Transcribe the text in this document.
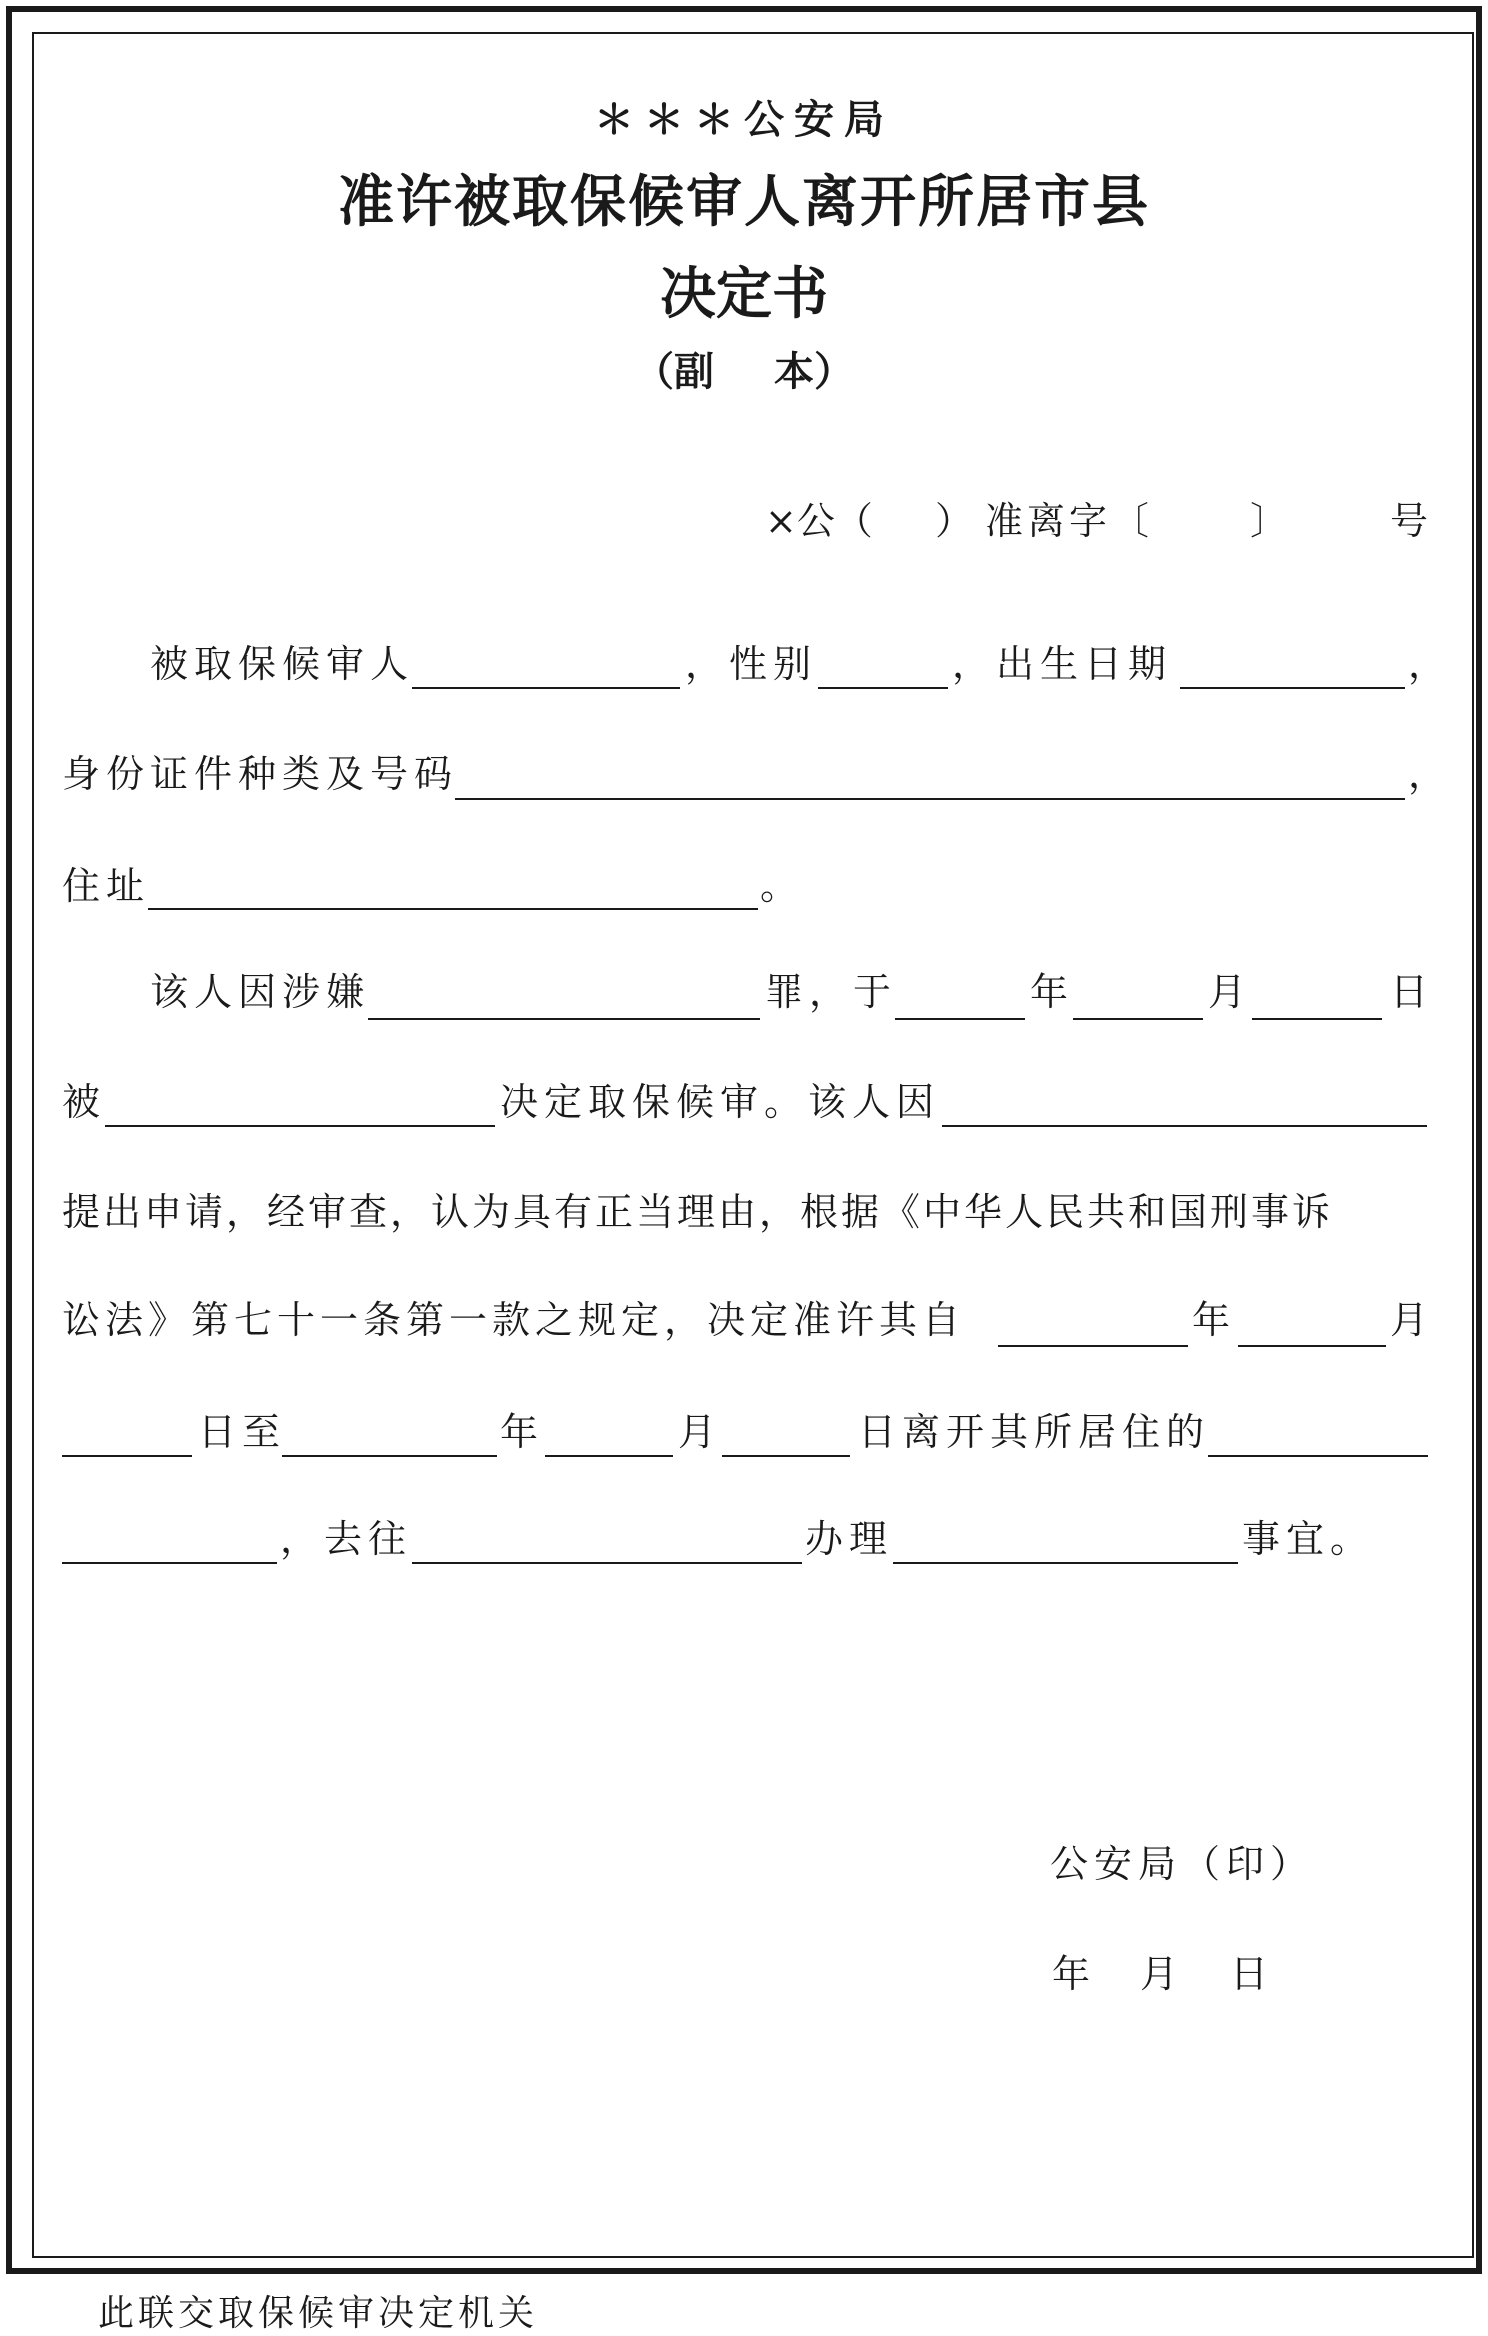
＊＊＊公安局
准许被取保候审人离开所居市县
决定书
（副 本）
×公（ ） 准离字〔	〕	号
被取保候审人	，性别	，出生日期	，
身份证件种类及号码	，
住址	。
该人因涉嫌	罪，于	年	月	日
被	决定取保候审。该人因
提出申请，经审查，认为具有正当理由，根据《中华人民共和国刑事诉
讼法》第七十一条第一款之规定，决定准许其自	年	月
日至	年	月	日离开其所居住的
，去往	办理	事宜。
公安局（印）
年 月 日
此联交取保候审决定机关
